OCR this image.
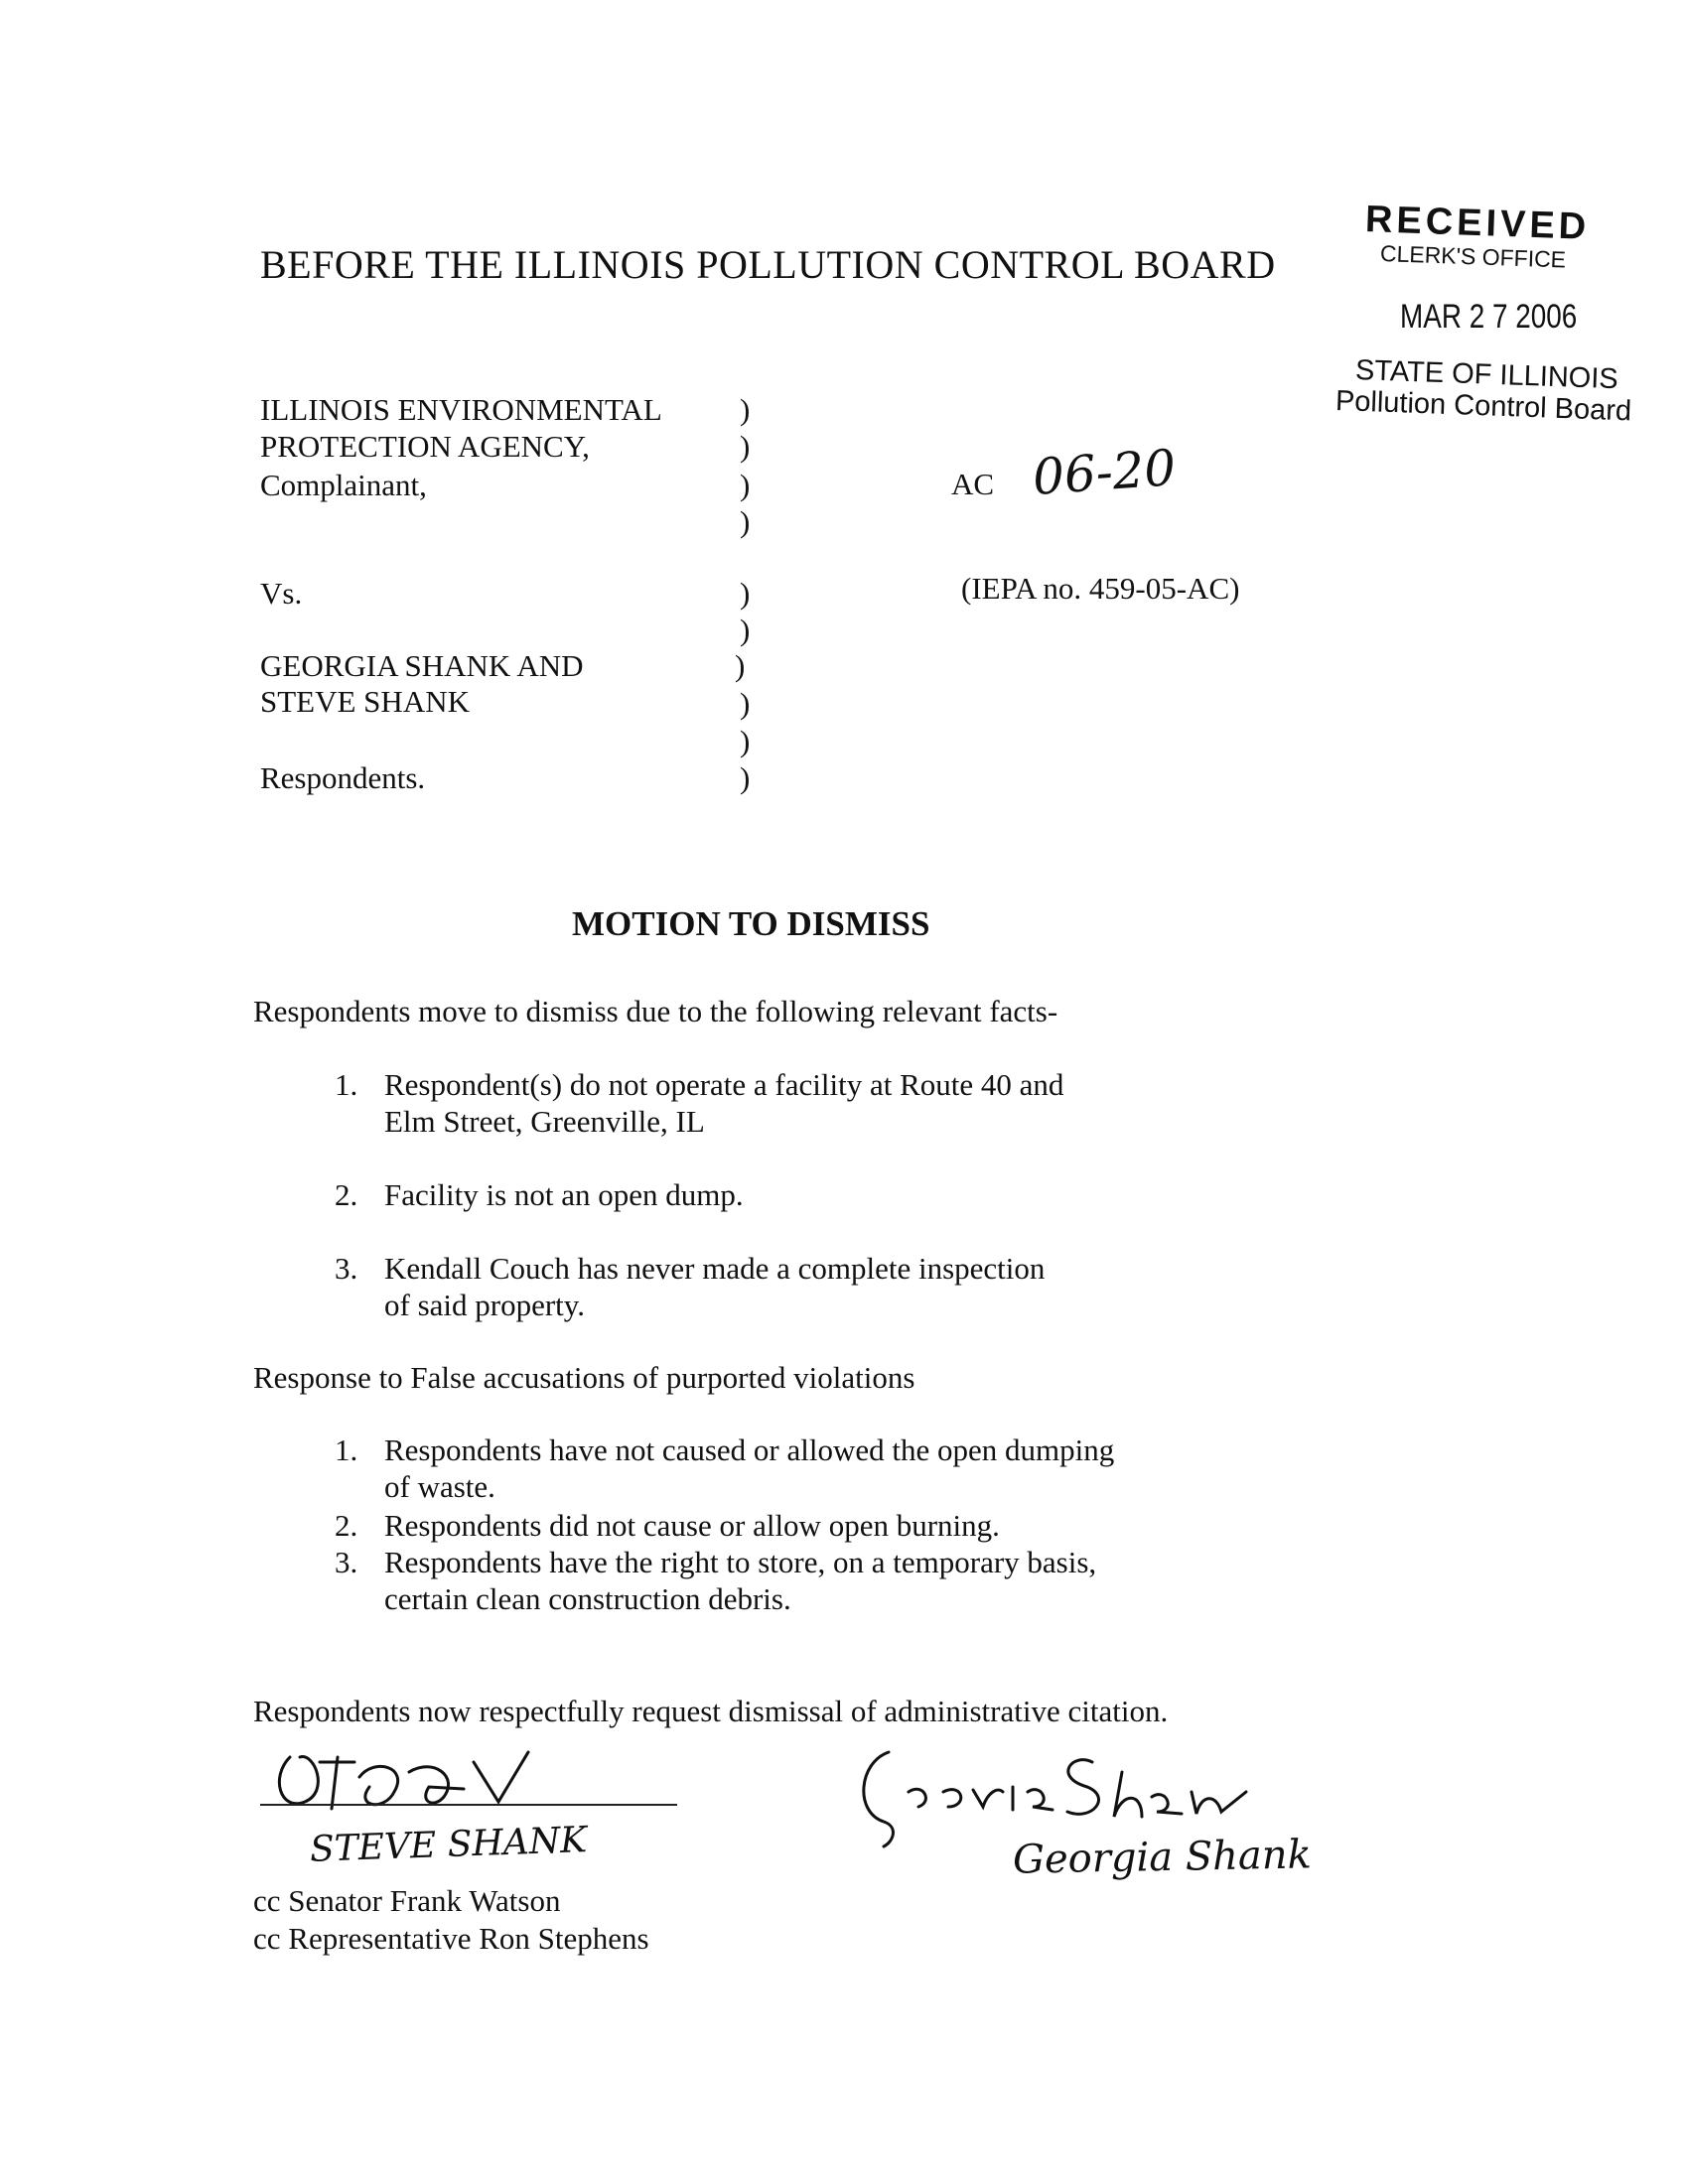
RECEIVED
CLERK'S OFFICE
MAR 2 7 2006
STATE OF ILLINOIS
Pollution Control Board
BEFORE THE ILLINOIS POLLUTION CONTROL BOARD
ILLINOIS ENVIRONMENTAL
PROTECTION AGENCY,
Complainant,
Vs.
GEORGIA SHANK AND
STEVE SHANK
Respondents.
)
)
)
)
)
)
)
)
)
)
AC 06-20
(IEPA no. 459-05-AC)
MOTION TO DISMISS
Respondents move to dismiss due to the following relevant facts-
1. Respondent(s) do not operate a facility at Route 40 and
Elm Street, Greenville, IL
2. Facility is not an open dump.
3. Kendall Couch has never made a complete inspection
of said property.
Response to False accusations of purported violations
1. Respondents have not caused or allowed the open dumping
of waste.
2. Respondents did not cause or allow open burning.
3. Respondents have the right to store, on a temporary basis,
certain clean construction debris.
Respondents now respectfully request dismissal of administrative citation.
STEVE SHANK	Georgia Shank
cc Senator Frank Watson
cc Representative Ron Stephens
